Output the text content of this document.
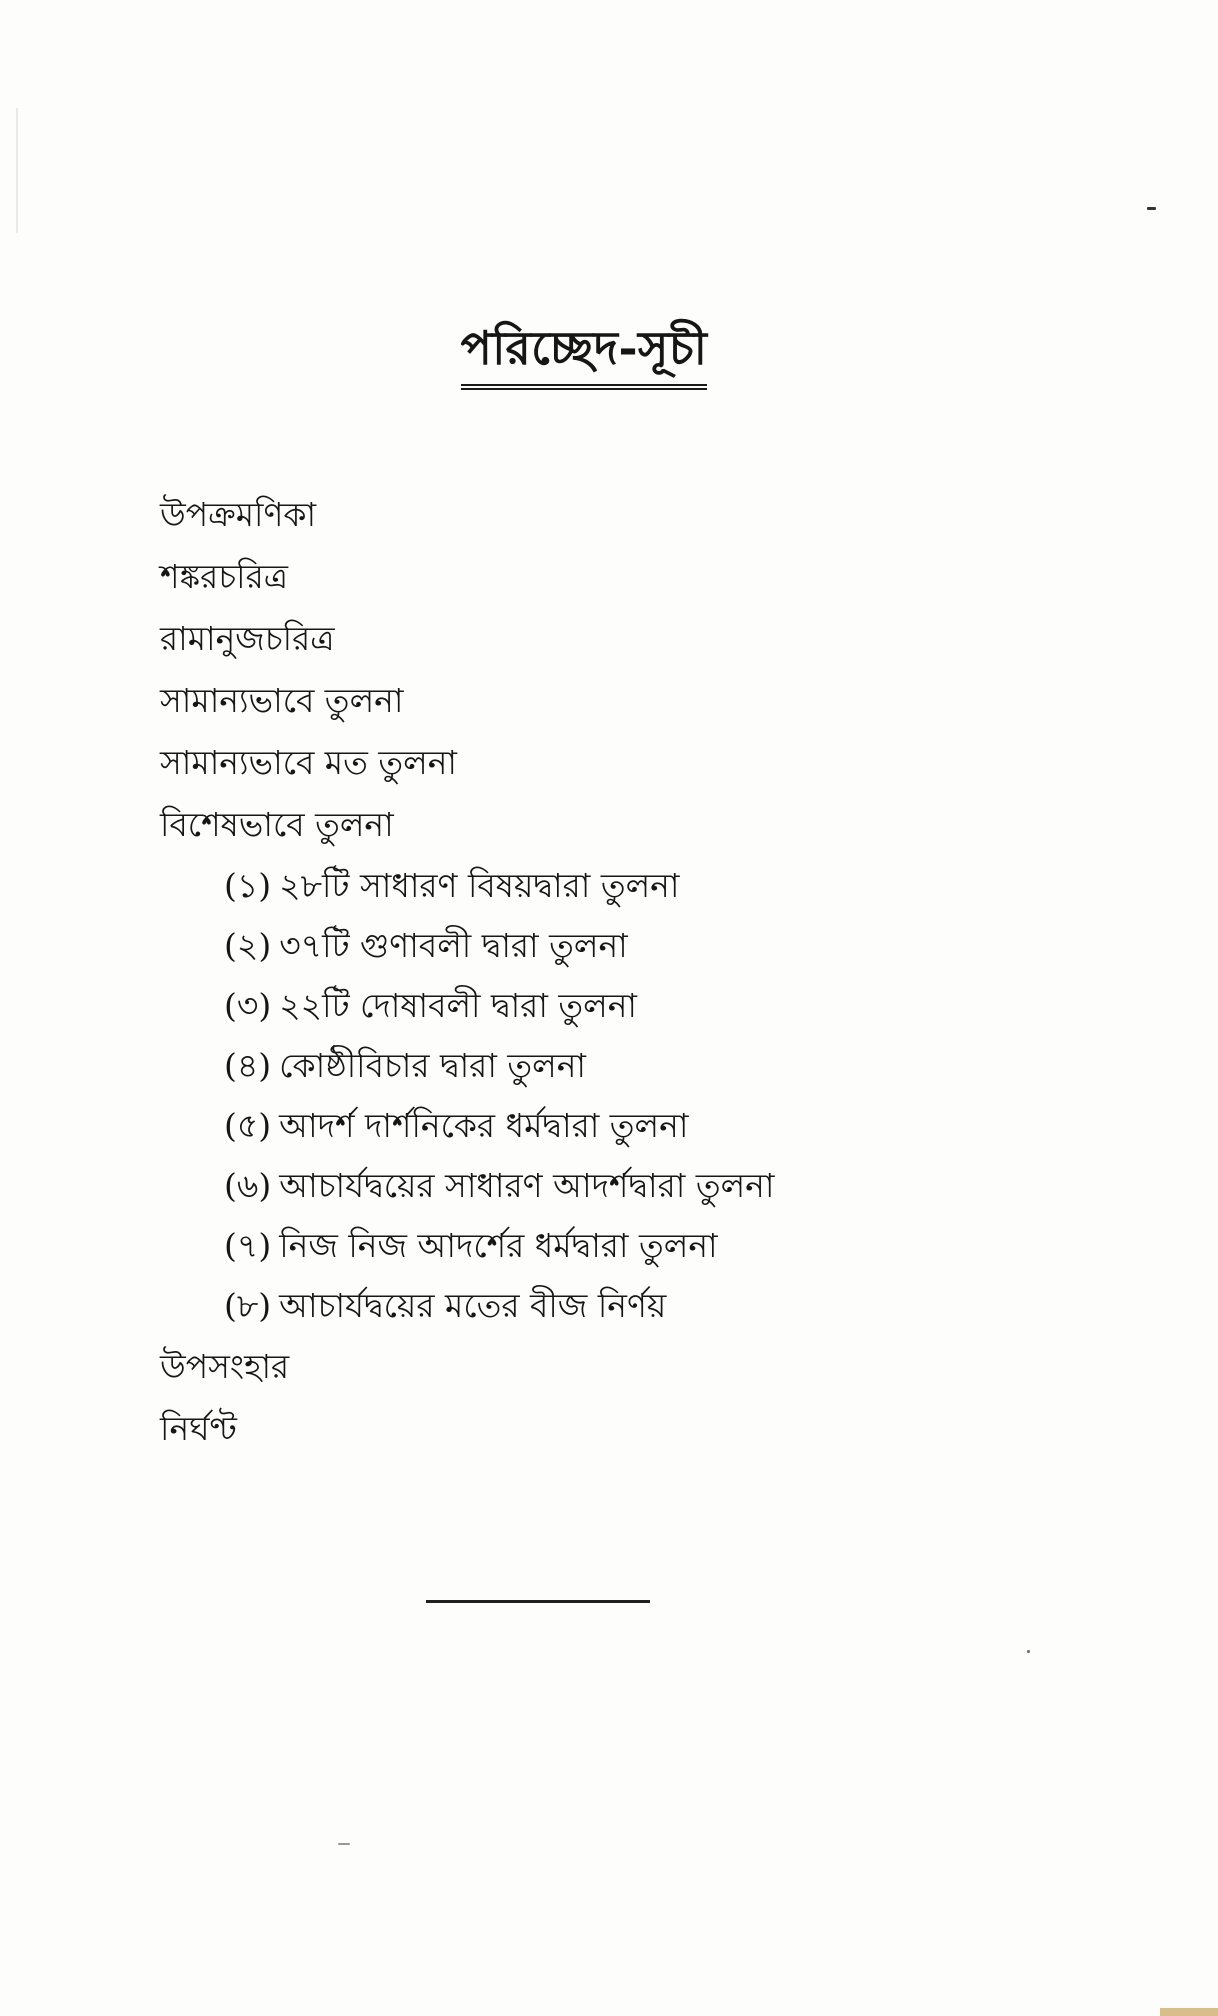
পরিচ্ছেদ-সূচী
উপক্রমণিকা
শঙ্করচরিত্র
রামানুজচরিত্র
সামান্যভাবে তুলনা
সামান্যভাবে মত তুলনা
বিশেষভাবে তুলনা
(১) ২৮টি সাধারণ বিষয়দ্বারা তুলনা
(২) ৩৭টি গুণাবলী দ্বারা তুলনা
(৩) ২২টি দোষাবলী দ্বারা তুলনা
(৪) কোষ্ঠীবিচার দ্বারা তুলনা
(৫) আদর্শ দার্শনিকের ধর্মদ্বারা তুলনা
(৬) আচার্যদ্বয়ের সাধারণ আদর্শদ্বারা তুলনা
(৭) নিজ নিজ আদর্শের ধর্মদ্বারা তুলনা
(৮) আচার্যদ্বয়ের মতের বীজ নির্ণয়
উপসংহার
নির্ঘণ্ট
